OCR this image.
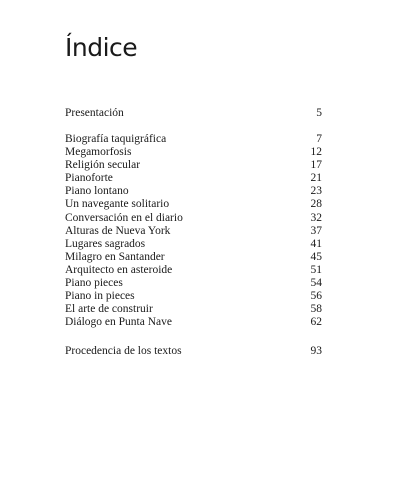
Índice
Presentación	5
Biografía taquigráfica	7
Megamorfosis	12
Religión secular	17
Pianoforte	21
Piano lontano	23
Un navegante solitario	28
Conversación en el diario	32
Alturas de Nueva York	37
Lugares sagrados	41
Milagro en Santander	45
Arquitecto en asteroide	51
Piano pieces	54
Piano in pieces	56
El arte de construir	58
Diálogo en Punta Nave	62
Procedencia de los textos	93
